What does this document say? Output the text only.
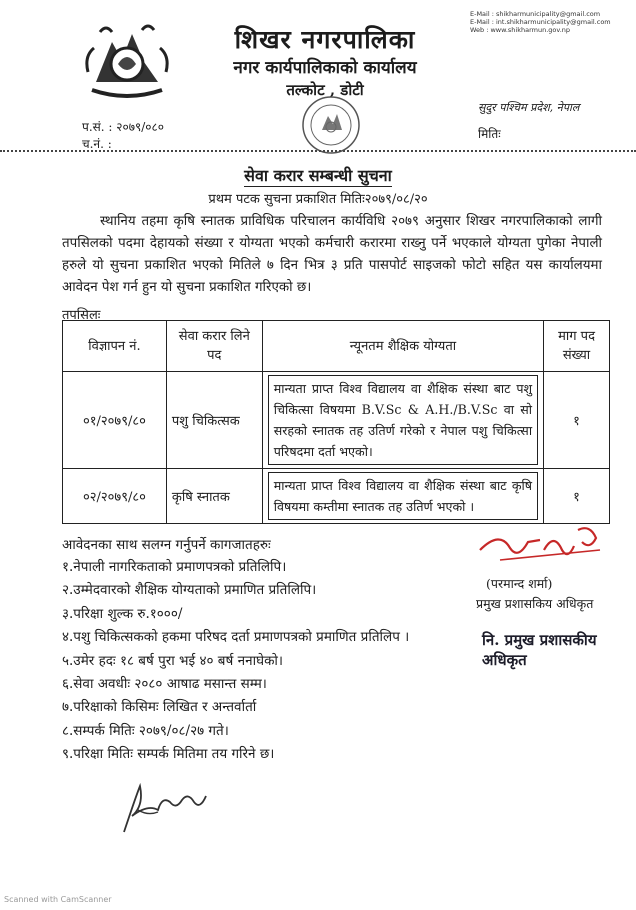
शिखर नगरपालिका
नगर कार्यपालिकाको कार्यालय
तल्कोट , डोटी
E-Mail : shikharmunicipality@gmail.com
E-Mail : int.shikharmunicipality@gmail.com
Web : www.shikharmun.gov.np
सुदुर पश्चिम प्रदेश, नेपाल
प.सं. : २०७९/०८०
च.नं. :
मितिः
सेवा करार सम्बन्धी सुचना
प्रथम पटक सुचना प्रकाशित मितिः२०७९/०८/२०
स्थानिय तहमा कृषि स्नातक प्राविधिक परिचालन कार्यविधि २०७९ अनुसार शिखर नगरपालिकाको लागी तपसिलको पदमा देहायको संख्या र योग्यता भएको कर्मचारी करारमा राख्नु पर्ने भएकाले योग्यता पुगेका नेपाली हरुले यो सुचना प्रकाशित भएको मितिले ७ दिन भित्र ३ प्रति पासपोर्ट साइजको फोटो सहित यस कार्यालयमा आवेदन पेश गर्न हुन यो सुचना प्रकाशित गरिएको छ।
तपसिलः
विज्ञापन नं.	सेवा करार लिने पद	न्यूनतम शैक्षिक योग्यता	माग पद संख्या
०१/२०७९/८०	पशु चिकित्सक	मान्यता प्राप्त विश्व विद्यालय वा शैक्षिक संस्था बाट पशु चिकित्सा विषयमा B.V.Sc & A.H./B.V.Sc वा सो सरहको स्नातक तह उतिर्ण गरेको र नेपाल पशु चिकित्सा परिषदमा दर्ता भएको।	१
०२/२०७९/८०	कृषि स्नातक	मान्यता प्राप्त विश्व विद्यालय वा शैक्षिक संस्था बाट कृषि विषयमा कम्तीमा स्नातक तह उतिर्ण भएको ।	१
आवेदनका साथ सलग्न गर्नुपर्ने कागजातहरुः
१.नेपाली नागरिकताको प्रमाणपत्रको प्रतिलिपि।
२.उम्मेदवारको शैक्षिक योग्यताको प्रमाणित प्रतिलिपि।
३.परिक्षा शुल्क रु.१०००/
४.पशु चिकित्सकको हकमा परिषद दर्ता प्रमाणपत्रको प्रमाणित प्रतिलिप ।
५.उमेर हदः १८ बर्ष पुरा भई ४० बर्ष ननाघेको।
६.सेवा अवधीः २०८० आषाढ मसान्त सम्म।
७.परिक्षाको किसिमः लिखित र अन्तर्वार्ता
८.सम्पर्क मितिः २०७९/०८/२७ गते।
९.परिक्षा मितिः सम्पर्क मितिमा तय गरिने छ।
(परमान्द शर्मा)
प्रमुख प्रशासकिय अधिकृत
नि. प्रमुख प्रशासकीय अधिकृत
Scanned with CamScanner
